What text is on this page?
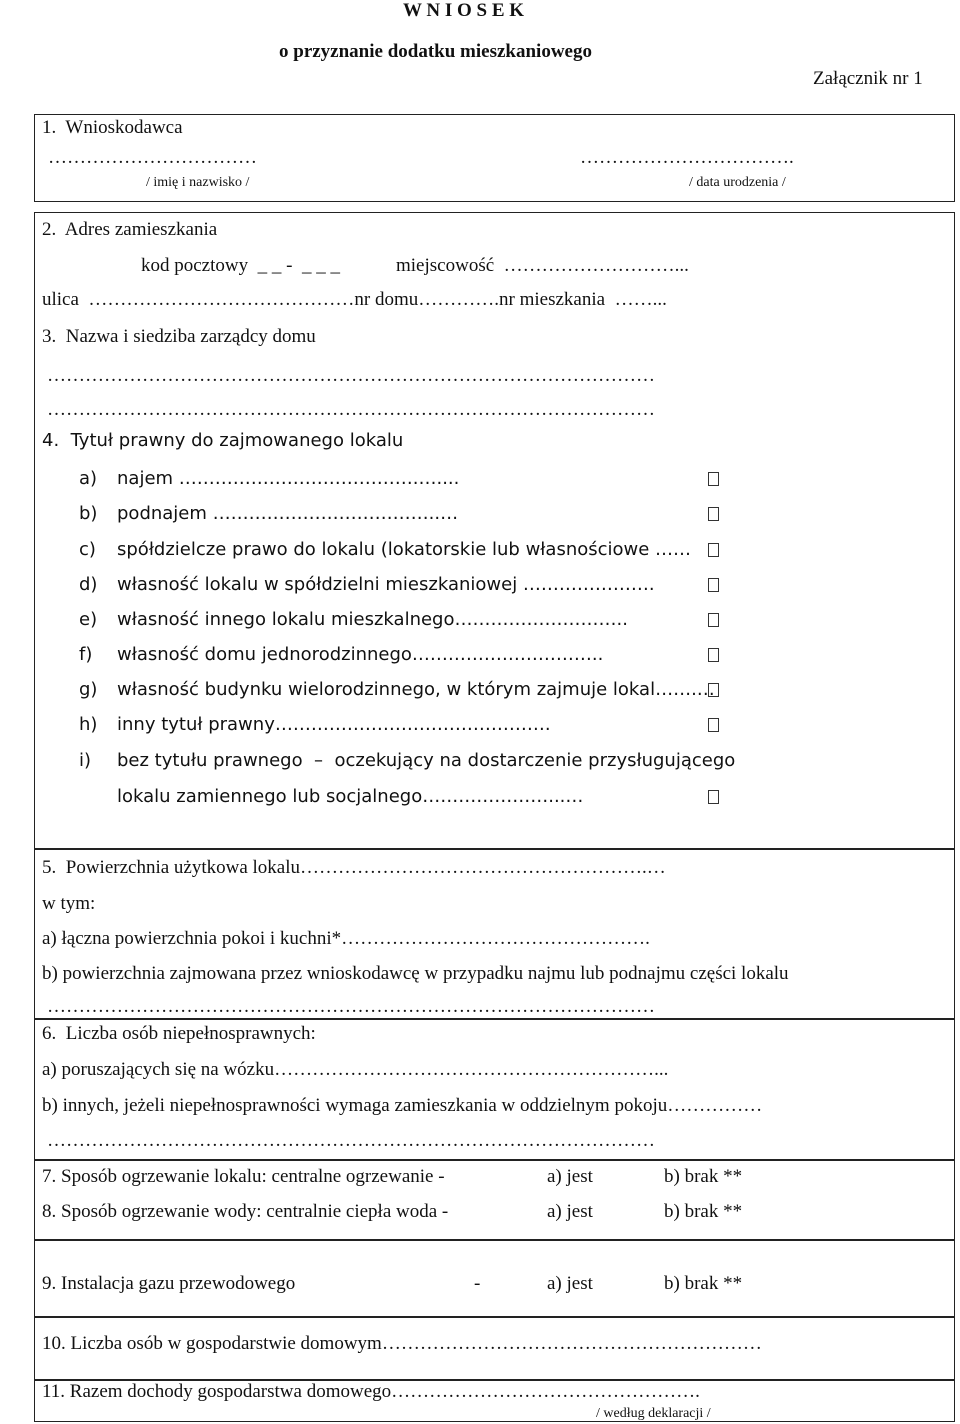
W N I O S E K
o przyznanie dodatku mieszkaniowego
Załącznik nr 1
1.  Wnioskodawca
……………………………	…………………………….
/ imię i nazwisko /	/ data urodzenia /
2.  Adres zamieszkania
kod pocztowy  _ _ -  _ _ _	miejscowość  ………………………...
ulica  ……………………………………nr domu………….nr mieszkania  ……...
3.  Nazwa i siedziba zarządcy domu
……………………………………………………………………………………
……………………………………………………………………………………
4.  Tytuł prawny do zajmowanego lokalu
a) najem ………………………………….…....
b) podnajem ………………………………..…
c) spółdzielcze prawo do lokalu (lokatorskie lub własnościowe ……
d) własność lokalu w spółdzielni mieszkaniowej ………………….
e) własność innego lokalu mieszkalnego………………………..
f) własność domu jednorodzinnego…………………………..
g) własność budynku wielorodzinnego, w którym zajmuje lokal…….…
h) inny tytuł prawny……………………………………….
i) bez tytułu prawnego  –  oczekujący na dostarczenie przysługującego
lokalu zamiennego lub socjalnego…………………...…
5.  Powierzchnia użytkowa lokalu……………………………………………….…
w tym:
a) łączna powierzchnia pokoi i kuchni*………………………………………….
b) powierzchnia zajmowana przez wnioskodawcę w przypadku najmu lub podnajmu części lokalu
……………………………………………………………………………………
6.  Liczba osób niepełnosprawnych:
a) poruszających się na wózku……………………………………………………...
b) innych, jeżeli niepełnosprawności wymaga zamieszkania w oddzielnym pokoju……………
……………………………………………………………………………………
7. Sposób ogrzewanie lokalu: centralne ogrzewanie -	a) jest	b) brak **
8. Sposób ogrzewanie wody: centralnie ciepła woda -	a) jest	b) brak **
9. Instalacja gazu przewodowego	-	a) jest	b) brak **
10. Liczba osób w gospodarstwie domowym……………………………………………………
11. Razem dochody gospodarstwa domowego………………………………………….
/ według deklaracji /
